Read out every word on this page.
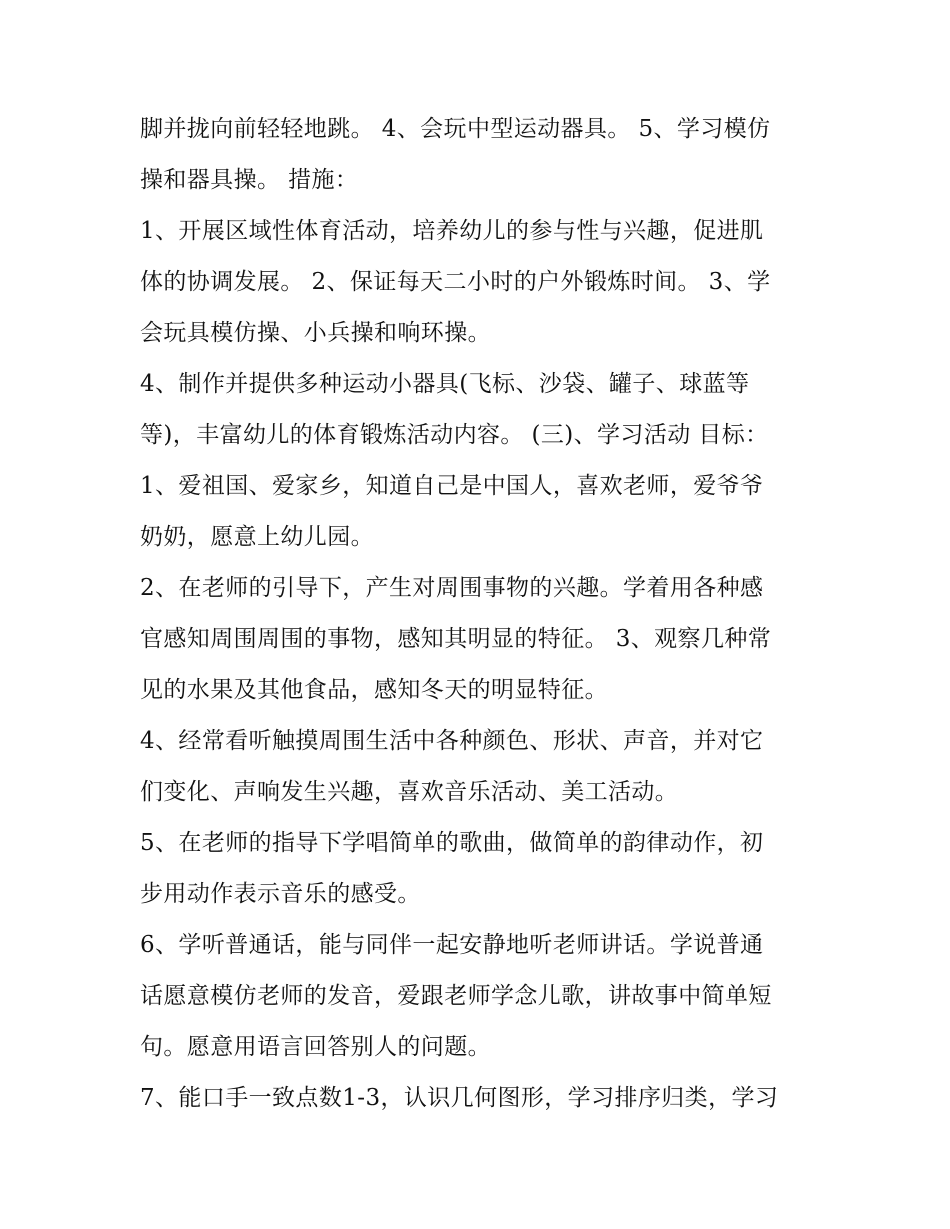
脚并拢向前轻轻地跳。 4、会玩中型运动器具。 5、学习模仿
操和器具操。 措施：
1、开展区域性体育活动，培养幼儿的参与性与兴趣，促进肌
体的协调发展。 2、保证每天二小时的户外锻炼时间。 3、学
会玩具模仿操、小兵操和响环操。
4、制作并提供多种运动小器具(飞标、沙袋、罐子、球蓝等
等)，丰富幼儿的体育锻炼活动内容。 (三)、学习活动 目标：
1、爱祖国、爱家乡，知道自己是中国人，喜欢老师，爱爷爷
奶奶，愿意上幼儿园。
2、在老师的引导下，产生对周围事物的兴趣。学着用各种感
官感知周围周围的事物，感知其明显的特征。 3、观察几种常
见的水果及其他食品，感知冬天的明显特征。
4、经常看听触摸周围生活中各种颜色、形状、声音，并对它
们变化、声响发生兴趣，喜欢音乐活动、美工活动。
5、在老师的指导下学唱简单的歌曲，做简单的韵律动作，初
步用动作表示音乐的感受。
6、学听普通话，能与同伴一起安静地听老师讲话。学说普通
话愿意模仿老师的发音，爱跟老师学念儿歌，讲故事中简单短
句。愿意用语言回答别人的问题。
7、能口手一致点数1-3，认识几何图形，学习排序归类，学习
